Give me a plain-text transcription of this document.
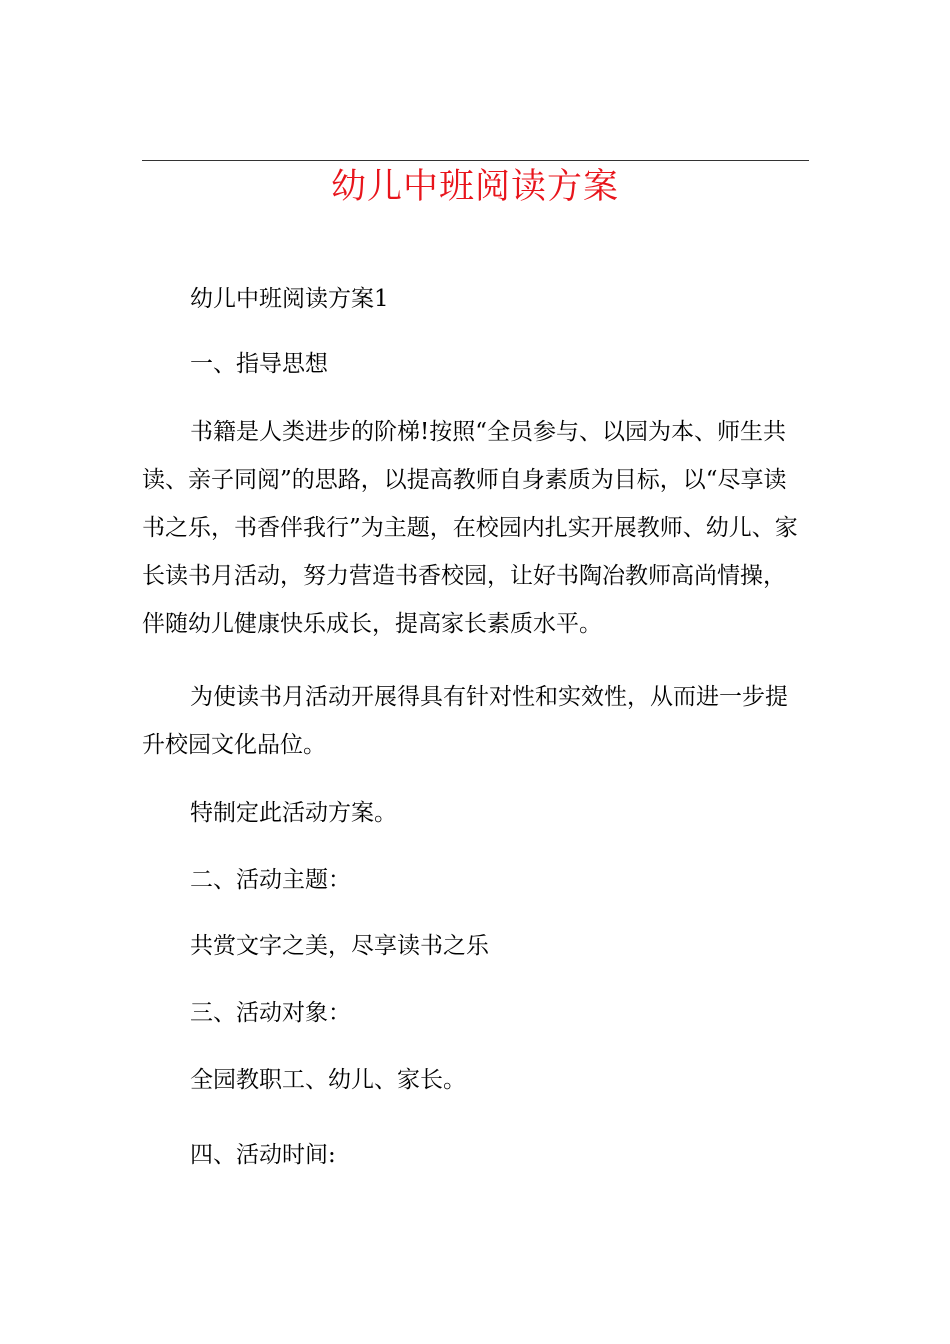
幼儿中班阅读方案

幼儿中班阅读方案1

一、指导思想

书籍是人类进步的阶梯!按照“全员参与、以园为本、师生共读、亲子同阅”的思路，以提高教师自身素质为目标，以“尽享读书之乐，书香伴我行”为主题，在校园内扎实开展教师、幼儿、家长读书月活动，努力营造书香校园，让好书陶冶教师高尚情操，伴随幼儿健康快乐成长，提高家长素质水平。

为使读书月活动开展得具有针对性和实效性，从而进一步提升校园文化品位。

特制定此活动方案。

二、活动主题：

共赏文字之美，尽享读书之乐

三、活动对象：

全园教职工、幼儿、家长。

四、活动时间:
